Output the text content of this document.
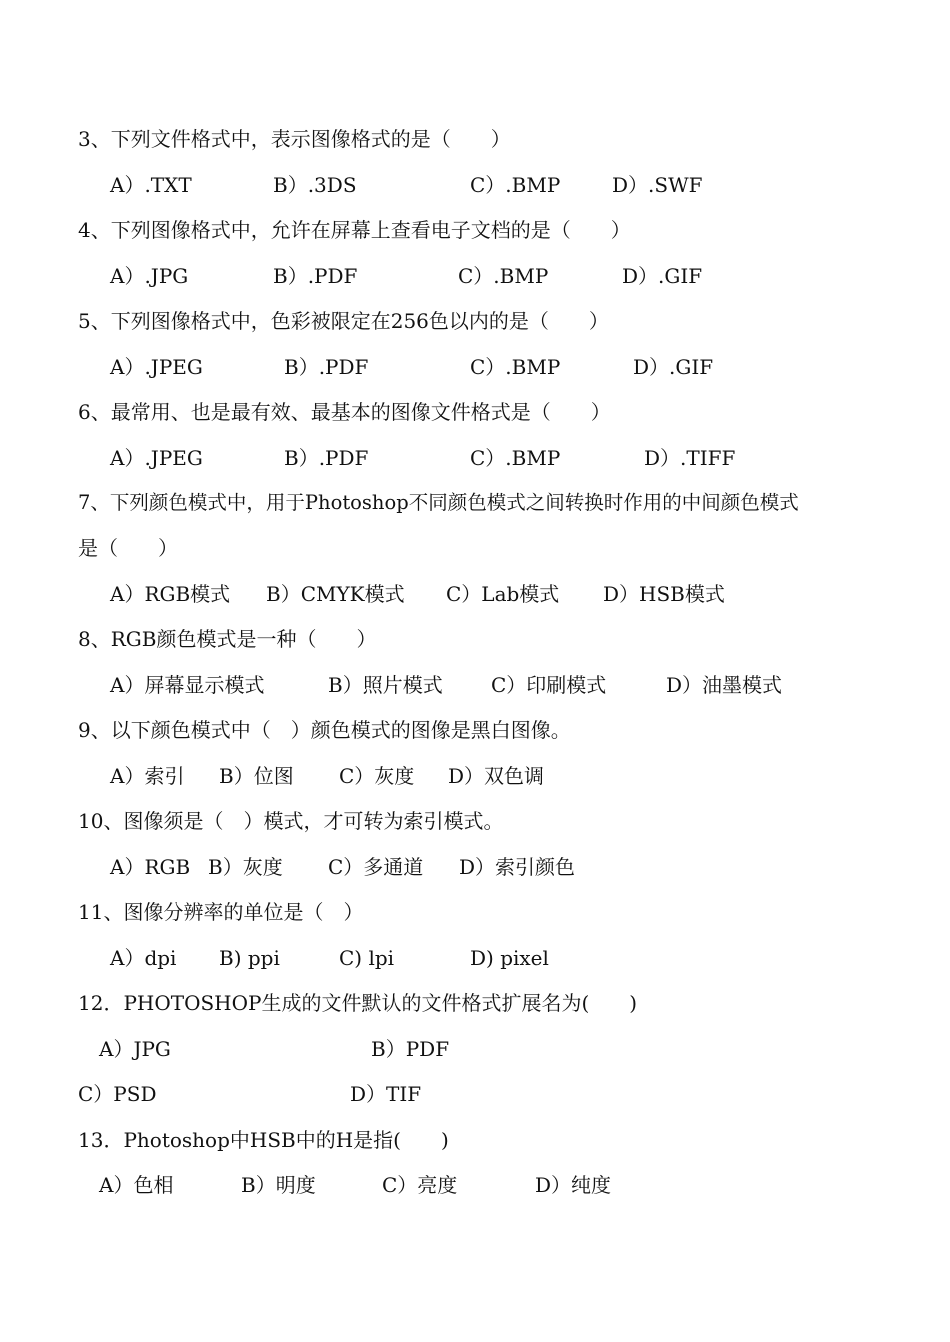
3、下列文件格式中，表示图像格式的是（　　）
A）.TXT	B）.3DS	C）.BMP	D）.SWF
4、下列图像格式中，允许在屏幕上查看电子文档的是（　　）
A）.JPG	B）.PDF	C）.BMP	D）.GIF
5、下列图像格式中，色彩被限定在256色以内的是（　　）
A）.JPEG	B）.PDF	C）.BMP	D）.GIF
6、最常用、也是最有效、最基本的图像文件格式是（　　）
A）.JPEG	B）.PDF	C）.BMP	D）.TIFF
7、下列颜色模式中，用于Photoshop不同颜色模式之间转换时作用的中间颜色模式
是（　　）
A）RGB模式 B）CMYK模式 C）Lab模式 D）HSB模式
8、RGB颜色模式是一种（　　）
A）屏幕显示模式	B）照片模式 C）印刷模式	D）油墨模式
9、以下颜色模式中（　）颜色模式的图像是黑白图像。
A）索引 B）位图 C）灰度 D）双色调
10、图像须是（　）模式，才可转为索引模式。
A）RGB B）灰度 C）多通道 D）索引颜色
11、图像分辨率的单位是（　）
A）dpi B) ppi	C) lpi	D) pixel
12．PHOTOSHOP生成的文件默认的文件格式扩展名为(　　)
A）JPG	B）PDF
C）PSD	D）TIF
13．Photoshop中HSB中的H是指(　　)
A）色相	B）明度	C）亮度	D）纯度
